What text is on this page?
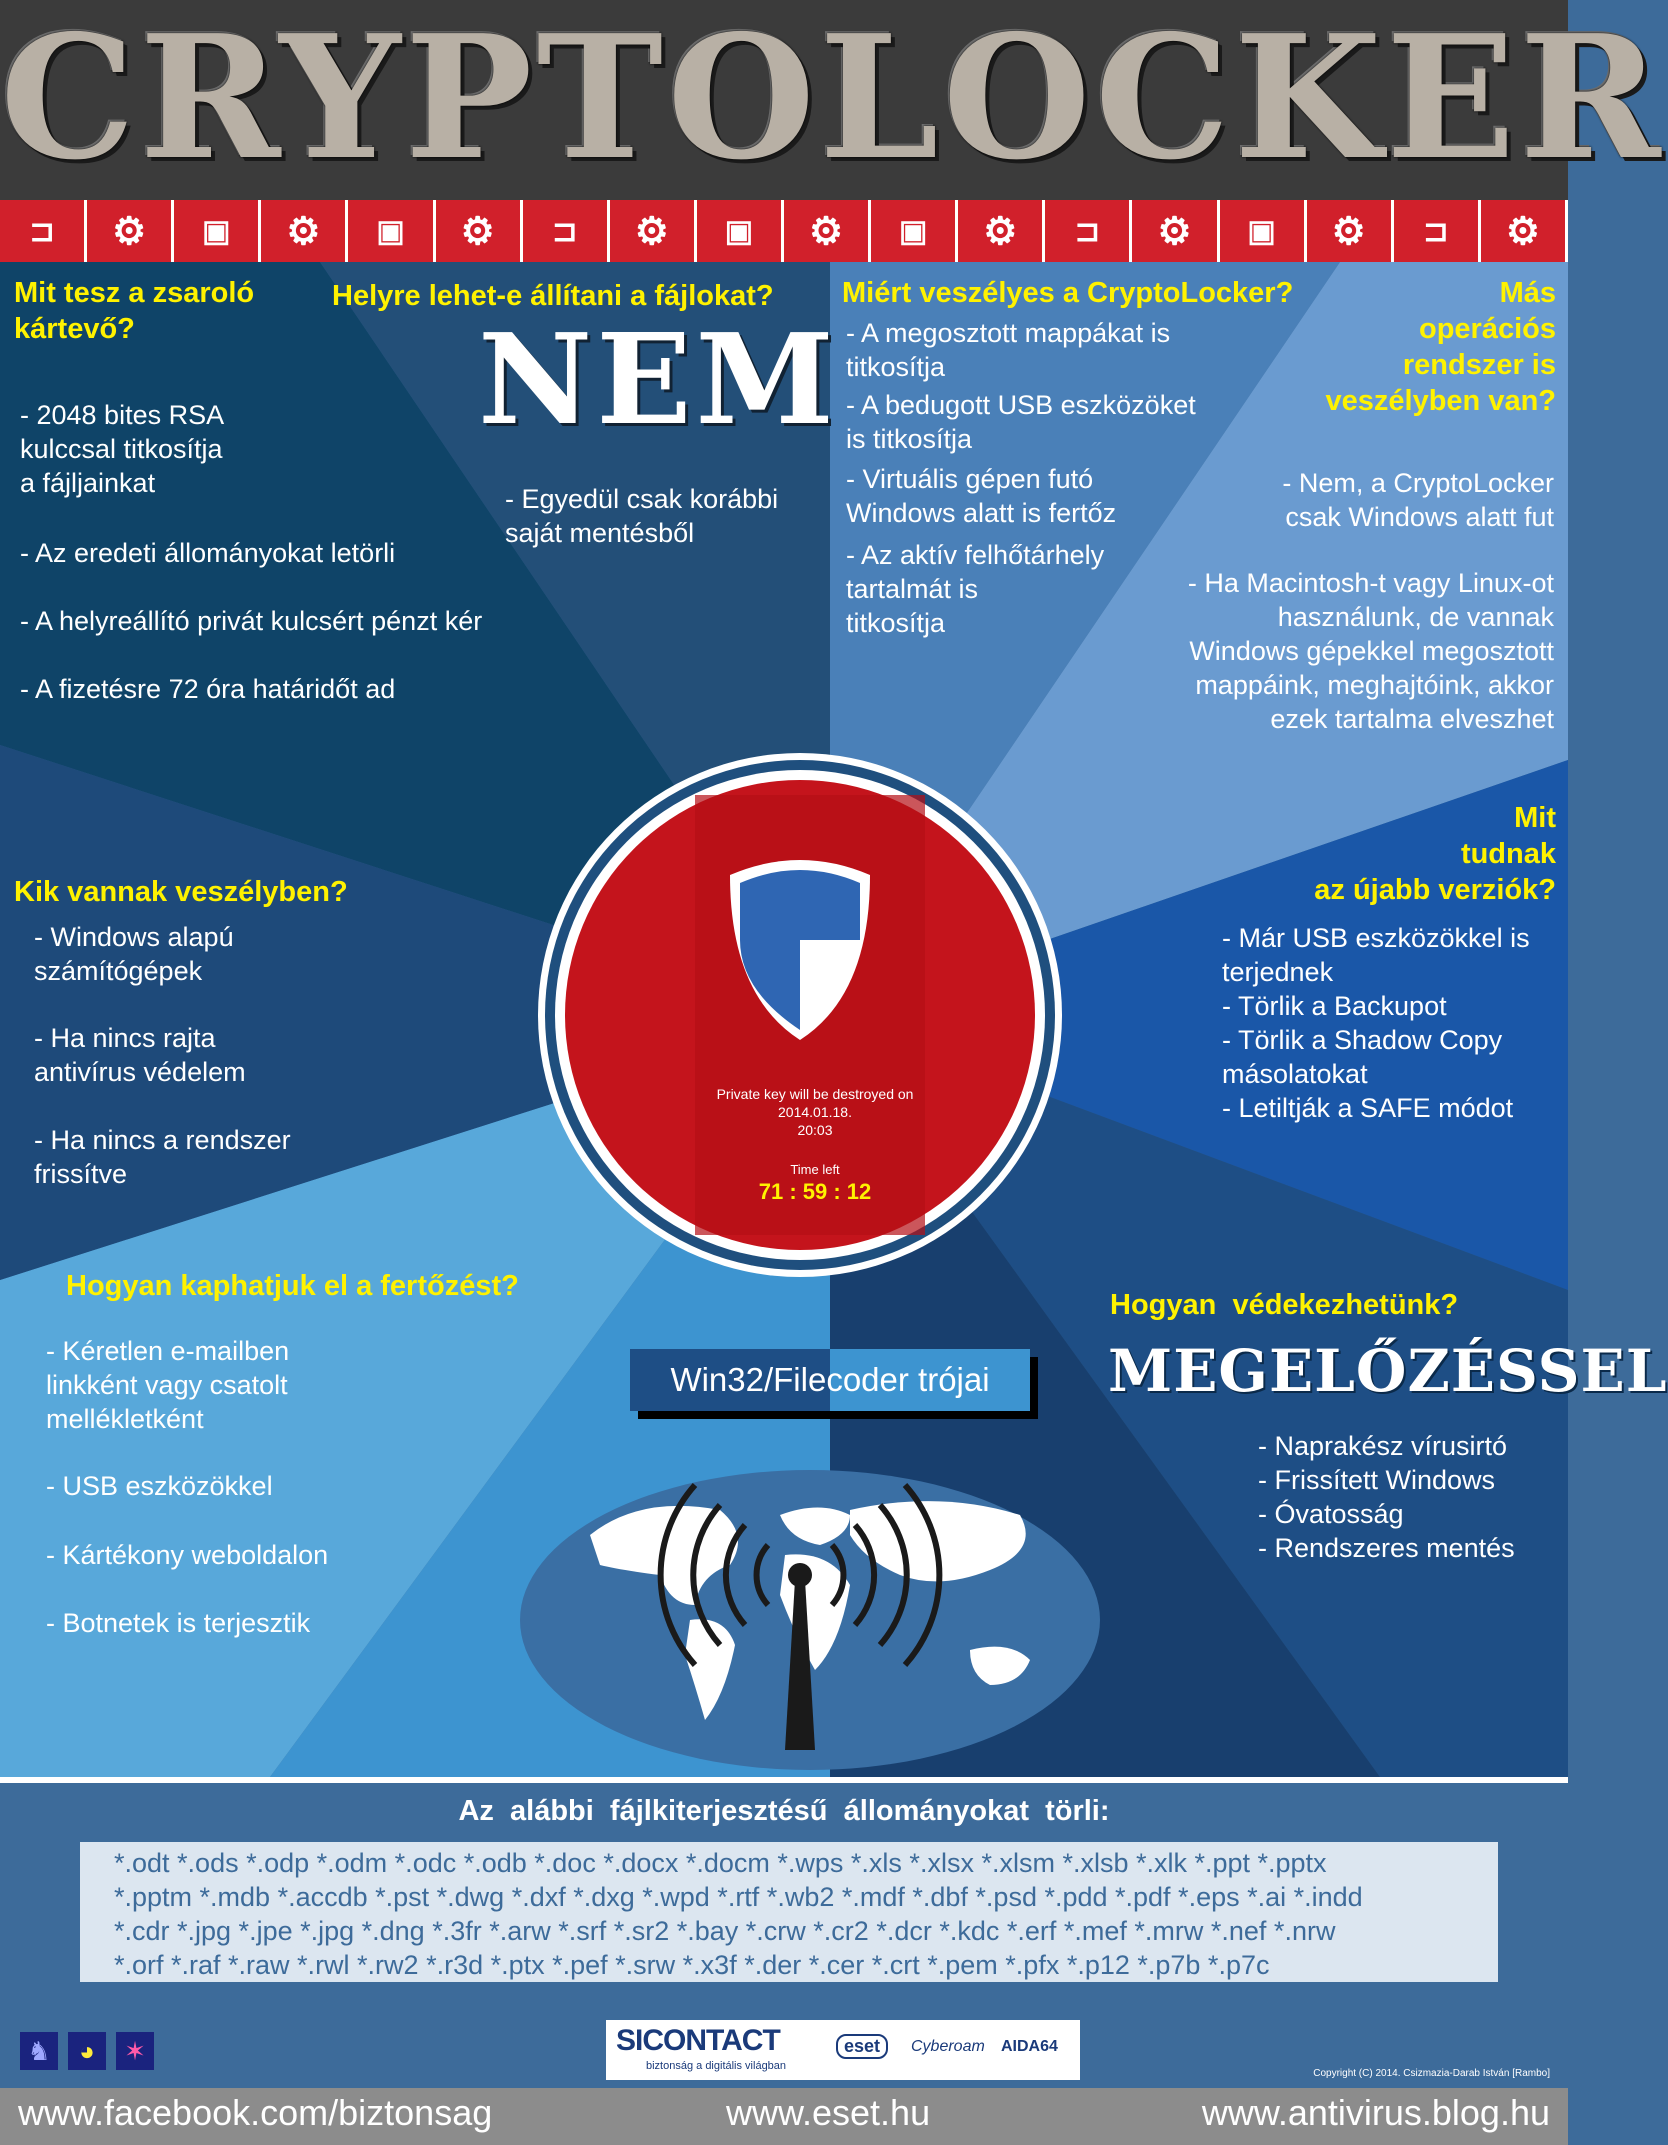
CRYPTOLOCKER
⊐	⚙	▣	⚙	▣	⚙	⊐	⚙	▣	⚙	▣	⚙	⊐	⚙	▣	⚙	⊐	⚙
Private key will be destroyed on
2014.01.18.
20:03
Time left
71 : 59 : 12
Win32/Filecoder trójai
Mit tesz a zsaroló
kártevő?
- 2048 bites RSA
kulccsal titkosítja
a fájljainkat
- Az eredeti állományokat letörli
- A helyreállító privát kulcsért pénzt kér
- A fizetésre 72 óra határidőt ad
Helyre lehet-e állítani a fájlokat?
NEM
- Egyedül csak korábbi
saját mentésből
Miért veszélyes a CryptoLocker?
- A megosztott mappákat is
titkosítja
- A bedugott USB eszközöket
is titkosítja
- Virtuális gépen futó
Windows alatt is fertőz
- Az aktív felhőtárhely
tartalmát is
titkosítja
Más
operációs
rendszer is
veszélyben van?
- Nem, a CryptoLocker
csak Windows alatt fut
- Ha Macintosh-t vagy Linux-ot
használunk, de vannak
Windows gépekkel megosztott
mappáink, meghajtóink, akkor
ezek tartalma elveszhet
Kik vannak veszélyben?
- Windows alapú
számítógépek
- Ha nincs rajta
antivírus védelem
- Ha nincs a rendszer
frissítve
Mit
tudnak
az újabb verziók?
- Már USB eszközökkel is
terjednek
- Törlik a Backupot
- Törlik a Shadow Copy
másolatokat
- Letiltják a SAFE módot
Hogyan kaphatjuk el a fertőzést?
- Kéretlen e-mailben
linkként vagy csatolt
mellékletként
- USB eszközökkel
- Kártékony weboldalon
- Botnetek is terjesztik
Hogyan  védekezhetünk?
MEGELŐZÉSSEL
- Naprakész vírusirtó
- Frissített Windows
- Óvatosság
- Rendszeres mentés
Az  alábbi  fájlkiterjesztésű  állományokat  törli:
*.odt *.ods *.odp *.odm *.odc *.odb *.doc *.docx *.docm *.wps *.xls *.xlsx *.xlsm *.xlsb *.xlk *.ppt *.pptx
*.pptm *.mdb *.accdb *.pst *.dwg *.dxf *.dxg *.wpd *.rtf *.wb2 *.mdf *.dbf *.psd *.pdd *.pdf *.eps *.ai *.indd
*.cdr *.jpg *.jpe *.jpg *.dng *.3fr *.arw *.srf *.sr2 *.bay *.crw *.cr2 *.dcr *.kdc *.erf *.mef *.mrw *.nef *.nrw
*.orf *.raf *.raw *.rwl *.rw2 *.r3d *.ptx *.pef *.srw *.x3f *.der *.cer *.crt *.pem *.pfx *.p12 *.p7b *.p7c
♞	◕	✶	SICONTACT
biztonság a digitális világban
eset	Cyberoam AIDA64
Copyright (C) 2014. Csizmazia-Darab István [Rambo]
www.facebook.com/biztonsag	www.eset.hu	www.antivirus.blog.hu
